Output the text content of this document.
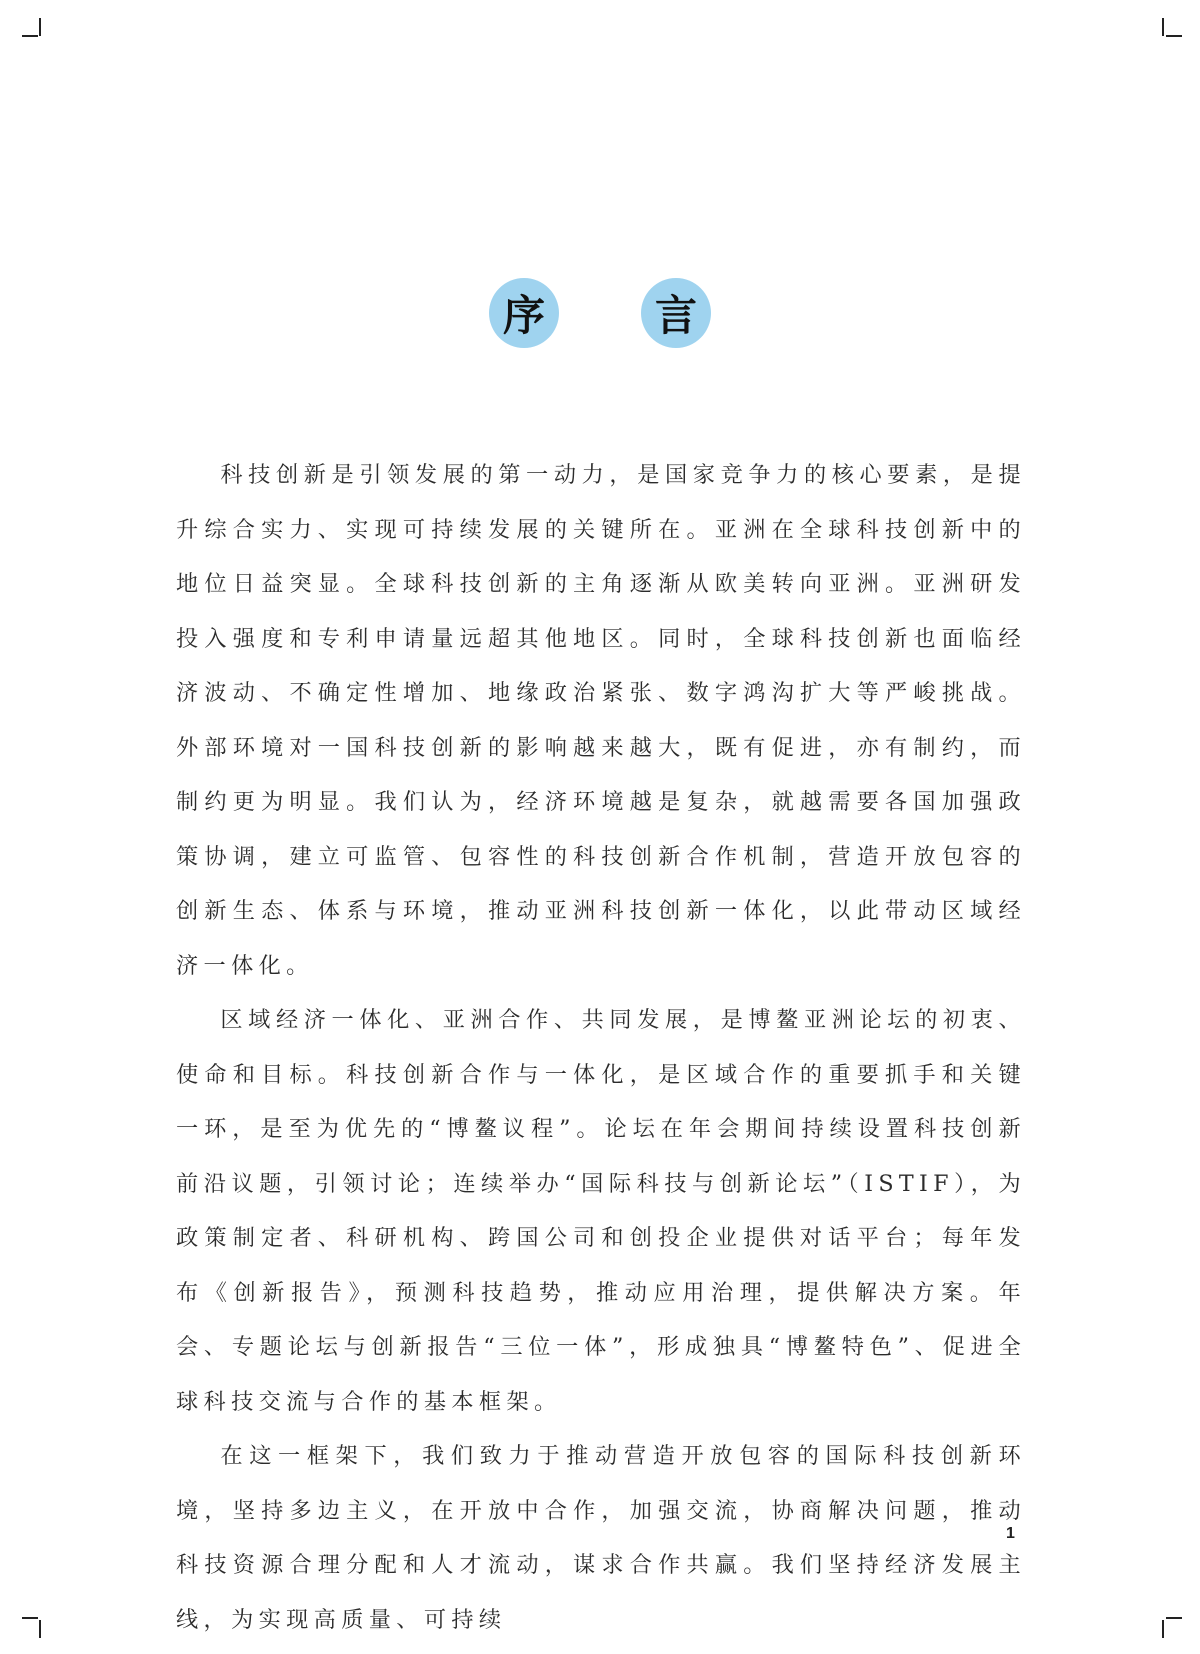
序	言

科技创新是引领发展的第一动力，是国家竞争力的核心要素，是提升综合实力、实现可持续发展的关键所在。亚洲在全球科技创新中的地位日益突显。全球科技创新的主角逐渐从欧美转向亚洲。亚洲研发投入强度和专利申请量远超其他地区。同时，全球科技创新也面临经济波动、不确定性增加、地缘政治紧张、数字鸿沟扩大等严峻挑战。外部环境对一国科技创新的影响越来越大，既有促进，亦有制约，而制约更为明显。我们认为，经济环境越是复杂，就越需要各国加强政策协调，建立可监管、包容性的科技创新合作机制，营造开放包容的创新生态、体系与环境，推动亚洲科技创新一体化，以此带动区域经济一体化。

区域经济一体化、亚洲合作、共同发展，是博鳌亚洲论坛的初衷、使命和目标。科技创新合作与一体化，是区域合作的重要抓手和关键一环，是至为优先的“博鳌议程”。论坛在年会期间持续设置科技创新前沿议题，引领讨论；连续举办“国际科技与创新论坛”（ISTIF），为政策制定者、科研机构、跨国公司和创投企业提供对话平台；每年发布《创新报告》，预测科技趋势，推动应用治理，提供解决方案。年会、专题论坛与创新报告“三位一体”，形成独具“博鳌特色”、促进全球科技交流与合作的基本框架。

在这一框架下，我们致力于推动营造开放包容的国际科技创新环境，坚持多边主义，在开放中合作，加强交流，协商解决问题，推动科技资源合理分配和人才流动，谋求合作共赢。我们坚持经济发展主线，为实现高质量、可持续

1
